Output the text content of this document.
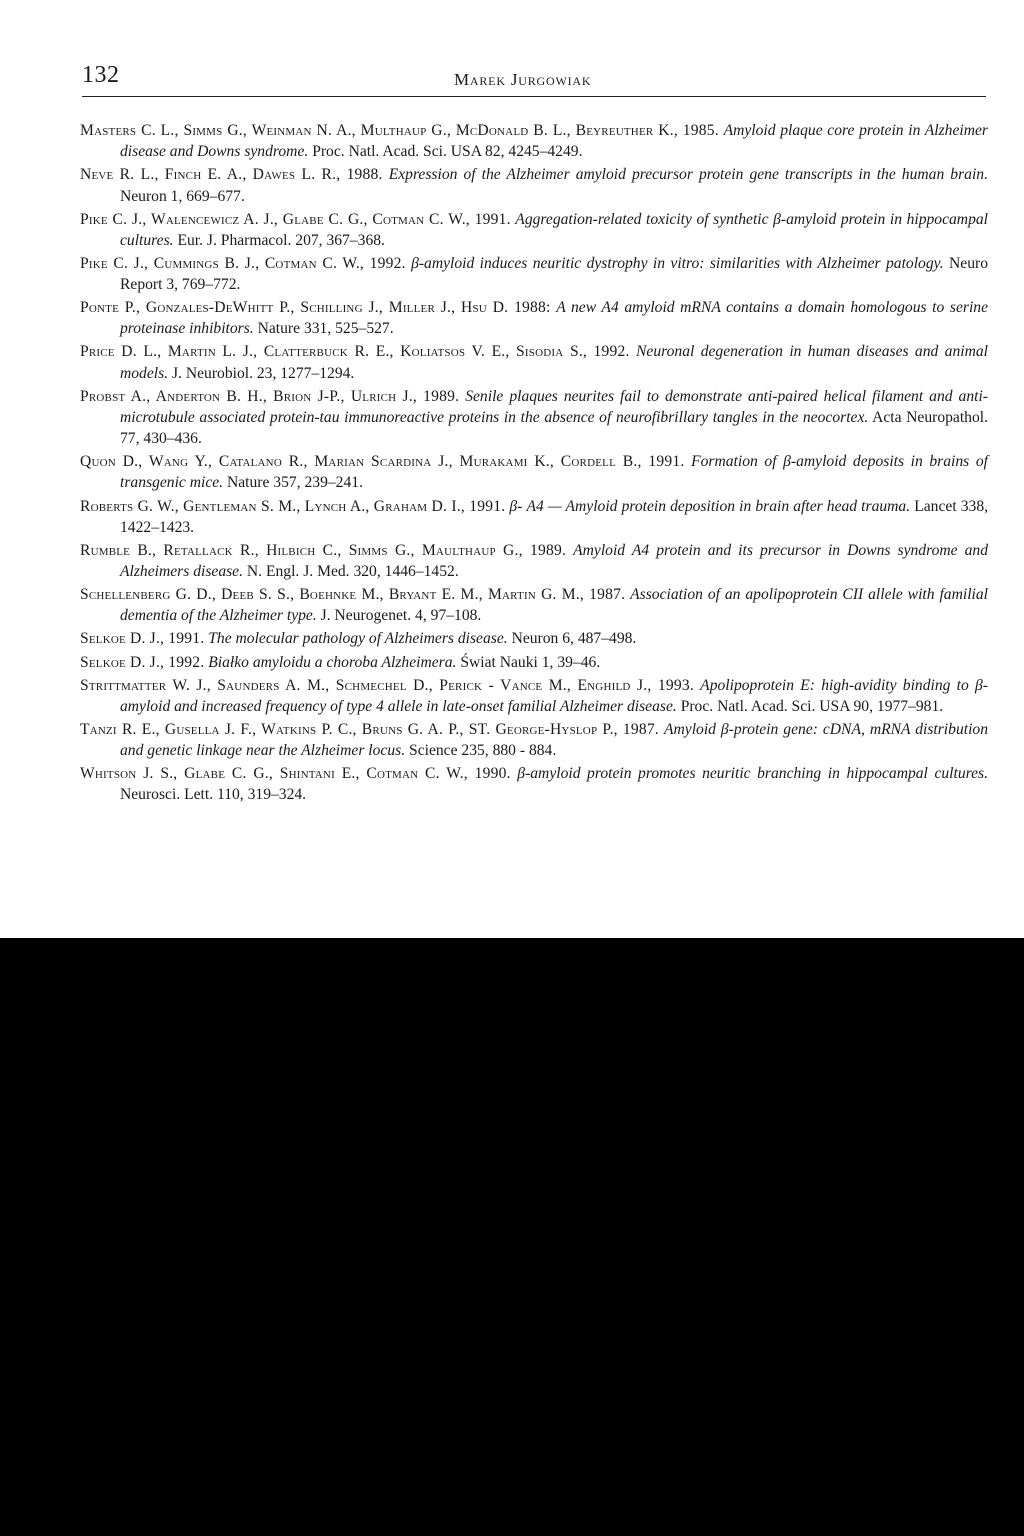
132	Marek Jurgowiak

Masters C. L., Simms G., Weinman N. A., Multhaup G., McDonald B. L., Beyreuther K., 1985. Amyloid plaque core protein in Alzheimer disease and Downs syndrome. Proc. Natl. Acad. Sci. USA 82, 4245–4249.

Neve R. L., Finch E. A., Dawes L. R., 1988. Expression of the Alzheimer amyloid precursor protein gene transcripts in the human brain. Neuron 1, 669–677.

Pike C. J., Walencewicz A. J., Glabe C. G., Cotman C. W., 1991. Aggregation-related toxicity of synthetic β-amyloid protein in hippocampal cultures. Eur. J. Pharmacol. 207, 367–368.

Pike C. J., Cummings B. J., Cotman C. W., 1992. β-amyloid induces neuritic dystrophy in vitro: similarities with Alzheimer patology. Neuro Report 3, 769–772.

Ponte P., Gonzales-DeWhitt P., Schilling J., Miller J., Hsu D. 1988: A new A4 amyloid mRNA contains a domain homologous to serine proteinase inhibitors. Nature 331, 525–527.

Price D. L., Martin L. J., Clatterbuck R. E., Koliatsos V. E., Sisodia S., 1992. Neuronal degeneration in human diseases and animal models. J. Neurobiol. 23, 1277–1294.

Probst A., Anderton B. H., Brion J-P., Ulrich J., 1989. Senile plaques neurites fail to demonstrate anti-paired helical filament and anti-microtubule associated protein-tau immunoreactive proteins in the absence of neurofibrillary tangles in the neocortex. Acta Neuropathol. 77, 430–436.

Quon D., Wang Y., Catalano R., Marian Scardina J., Murakami K., Cordell B., 1991. Formation of β-amyloid deposits in brains of transgenic mice. Nature 357, 239–241.

Roberts G. W., Gentleman S. M., Lynch A., Graham D. I., 1991. β- A4 — Amyloid protein deposition in brain after head trauma. Lancet 338, 1422–1423.

Rumble B., Retallack R., Hilbich C., Simms G., Maulthaup G., 1989. Amyloid A4 protein and its precursor in Downs syndrome and Alzheimers disease. N. Engl. J. Med. 320, 1446–1452.

Schellenberg G. D., Deeb S. S., Boehnke M., Bryant E. M., Martin G. M., 1987. Association of an apolipoprotein CII allele with familial dementia of the Alzheimer type. J. Neurogenet. 4, 97–108.

Selkoe D. J., 1991. The molecular pathology of Alzheimers disease. Neuron 6, 487–498.

Selkoe D. J., 1992. Białko amyloidu a choroba Alzheimera. Świat Nauki 1, 39–46.

Strittmatter W. J., Saunders A. M., Schmechel D., Perick - Vance M., Enghild J., 1993. Apolipoprotein E: high-avidity binding to β- amyloid and increased frequency of type 4 allele in late-onset familial Alzheimer disease. Proc. Natl. Acad. Sci. USA 90, 1977–981.

Tanzi R. E., Gusella J. F., Watkins P. C., Bruns G. A. P., ST. George-Hyslop P., 1987. Amyloid β-protein gene: cDNA, mRNA distribution and genetic linkage near the Alzheimer locus. Science 235, 880 - 884.

Whitson J. S., Glabe C. G., Shintani E., Cotman C. W., 1990. β-amyloid protein promotes neuritic branching in hippocampal cultures. Neurosci. Lett. 110, 319–324.
